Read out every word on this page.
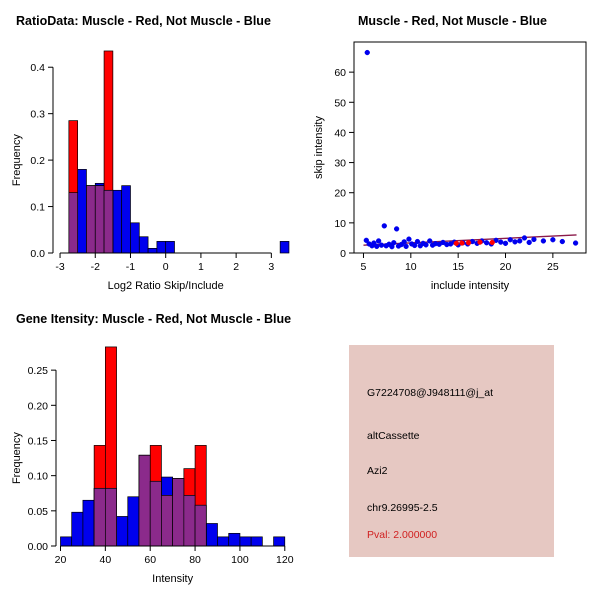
RatioData: Muscle - Red, Not Muscle - Blue
-3 -2 -1	0	1	2	3
0.0
0.1
0.2
0.3
0.4
Log2 Ratio Skip/Include
Frequency
Muscle - Red, Not Muscle - Blue
5	10	15	20	25
0
10
20
30
40
50
60
include intensity
skip intensity
Gene Itensity: Muscle - Red, Not Muscle - Blue
20	40	60	80	100	120
0.00
0.05
0.10
0.15
0.20
0.25
Intensity
Frequency
G7224708@J948111@j_at
altCassette
Azi2
chr9.26995-2.5
Pval: 2.000000
